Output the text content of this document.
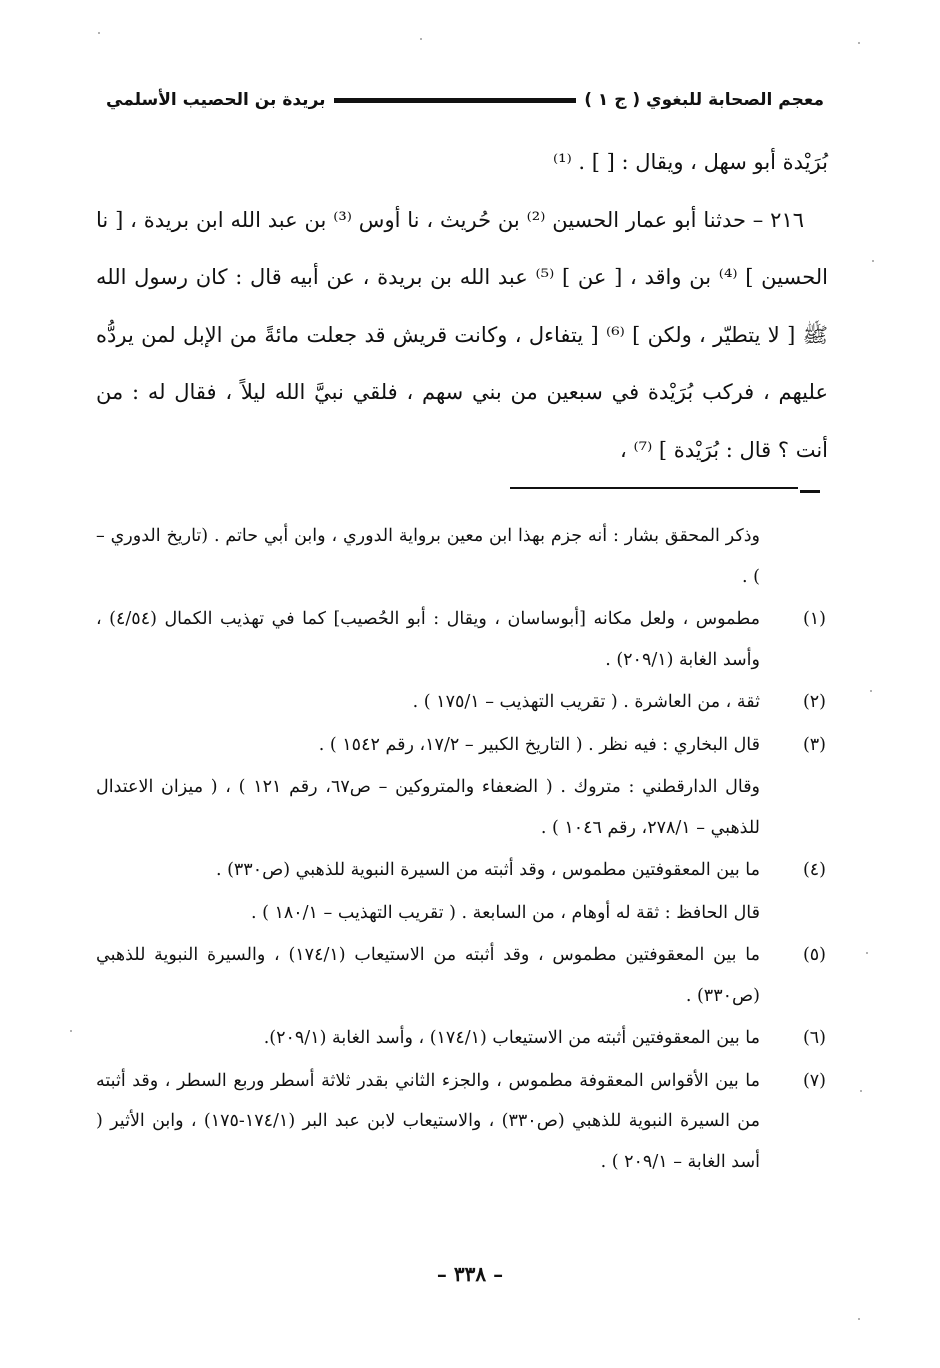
معجم الصحابة للبغوي ( ج ١ )
بريدة بن الحصيب الأسلمي

بُرَيْدة أبو سهل ، ويقال : [ ] . ⁽¹⁾

٢١٦ – حدثنا أبو عمار الحسين ⁽²⁾ بن حُريث ، نا أوس ⁽³⁾ بن عبد الله ابن بريدة ، [ نا الحسين ] ⁽⁴⁾ بن واقد ، [ عن ] ⁽⁵⁾ عبد الله بن بريدة ، عن أبيه قال : كان رسول الله ﷺ [ لا يتطيّر ، ولكن ] ⁽⁶⁾ [ يتفاءل ، وكانت قريش قد جعلت مائةً من الإبل لمن يردُّه عليهم ، فركب بُرَيْدة في سبعين من بني سهم ، فلقي نبيَّ الله ليلاً ، فقال له : من أنت ؟ قال : بُرَيْدة ] ⁽⁷⁾ ،

وذكر المحقق بشار : أنه جزم بهذا ابن معين برواية الدوري ، وابن أبي حاتم . (تاريخ الدوري – ) .
(١)
مطموس ، ولعل مكانه [أبوساسان ، ويقال : أبو الحُصيب] كما في تهذيب الكمال (٤/٥٤) ، وأسد الغابة (٢٠٩/١) .
(٢)
ثقة ، من العاشرة . ( تقريب التهذيب – ١٧٥/١ ) .
(٣)
قال البخاري : فيه نظر . ( التاريخ الكبير – ١٧/٢، رقم ١٥٤٢ ) .
وقال الدارقطني : متروك . ( الضعفاء والمتروكين – ص٦٧، رقم ١٢١ ) ، ( ميزان الاعتدال للذهبي – ٢٧٨/١، رقم ١٠٤٦ ) .
(٤)
ما بين المعقوفتين مطموس ، وقد أثبته من السيرة النبوية للذهبي (ص٣٣٠) .
قال الحافظ : ثقة له أوهام ، من السابعة . ( تقريب التهذيب – ١٨٠/١ ) .
(٥)
ما بين المعقوفتين مطموس ، وقد أثبته من الاستيعاب (١٧٤/١) ، والسيرة النبوية للذهبي (ص٣٣٠) .
(٦)
ما بين المعقوفتين أثبته من الاستيعاب (١٧٤/١) ، وأسد الغابة (٢٠٩/١).
(٧)
ما بين الأقواس المعقوفة مطموس ، والجزء الثاني بقدر ثلاثة أسطر وربع السطر ، وقد أثبته من السيرة النبوية للذهبي (ص٣٣٠) ، والاستيعاب لابن عبد البر (١٧٤/١-١٧٥) ، وابن الأثير ( أسد الغابة – ٢٠٩/١ ) .
– ٣٣٨ –
